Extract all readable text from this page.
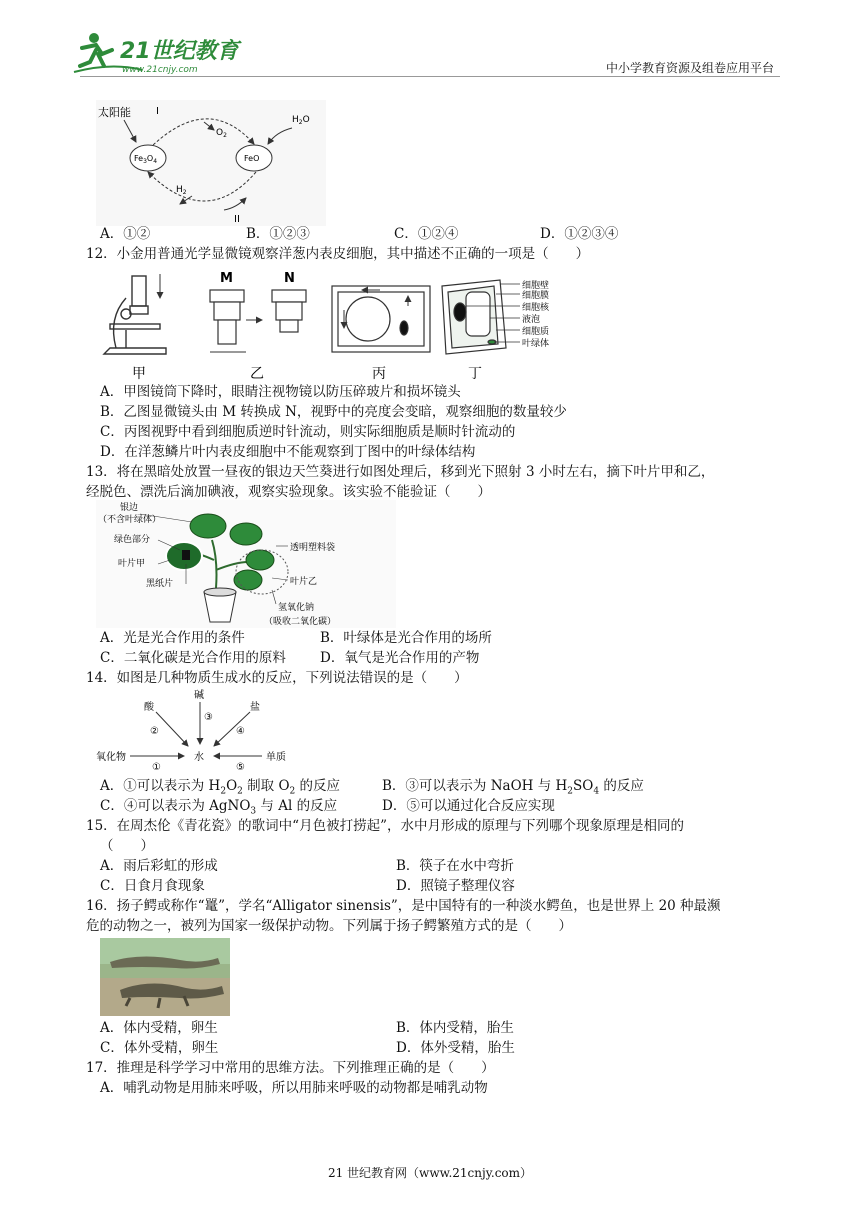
21世纪教育
www.21cnjy.com	中小学教育资源及组卷应用平台
太阳能	I
$O_2$
$H_2O$
$Fe_3O_4$	FeO
$H_2$
II
A．①②	B．①②③	C．①②④	D．①②③④
12．小金用普通光学显微镜观察洋葱内表皮细胞，其中描述不正确的一项是（　　）
甲
M	N
乙	丙
细胞壁
细胞膜
细胞核
液泡
细胞质
叶绿体
丁
A．甲图镜筒下降时，眼睛注视物镜以防压碎玻片和损坏镜头
B．乙图显微镜头由 M 转换成 N，视野中的亮度会变暗，观察细胞的数量较少
C．丙图视野中看到细胞质逆时针流动，则实际细胞质是顺时针流动的
D．在洋葱鳞片叶内表皮细胞中不能观察到丁图中的叶绿体结构
13．将在黑暗处放置一昼夜的银边天竺葵进行如图处理后，移到光下照射 3 小时左右，摘下叶片甲和乙，
经脱色、漂洗后滴加碘液，观察实验现象。该实验不能验证（　　）
银边
（不含叶绿体）
绿色部分
叶片甲
黑纸片
透明塑料袋
叶片乙
氢氧化钠
（吸收二氧化碳）
A．光是光合作用的条件	B．叶绿体是光合作用的场所
C．二氧化碳是光合作用的原料	D．氧气是光合作用的产物
14．如图是几种物质生成水的反应，下列说法错误的是（　　）
碱
酸	盐
③
②	④
水
氧化物
①
单质
⑤
A．①可以表示为 $H_2O_2$ 制取 $O_2$ 的反应	B．③可以表示为 NaOH 与 $H_2SO_4$ 的反应
C．④可以表示为 AgNO$_3$ 与 Al 的反应	D．⑤可以通过化合反应实现
15．在周杰伦《青花瓷》的歌词中“月色被打捞起”，水中月形成的原理与下列哪个现象原理是相同的
（　　）
A．雨后彩虹的形成	B．筷子在水中弯折
C．日食月食现象	D．照镜子整理仪容
16．扬子鳄或称作“鼍”，学名“Alligator sinensis”，是中国特有的一种淡水鳄鱼，也是世界上 20 种最濒
危的动物之一，被列为国家一级保护动物。下列属于扬子鳄繁殖方式的是（　　）
A．体内受精，卵生	B．体内受精，胎生
C．体外受精，卵生	D．体外受精，胎生
17．推理是科学学习中常用的思维方法。下列推理正确的是（　　）
A．哺乳动物是用肺来呼吸，所以用肺来呼吸的动物都是哺乳动物
21 世纪教育网（www.21cnjy.com）
